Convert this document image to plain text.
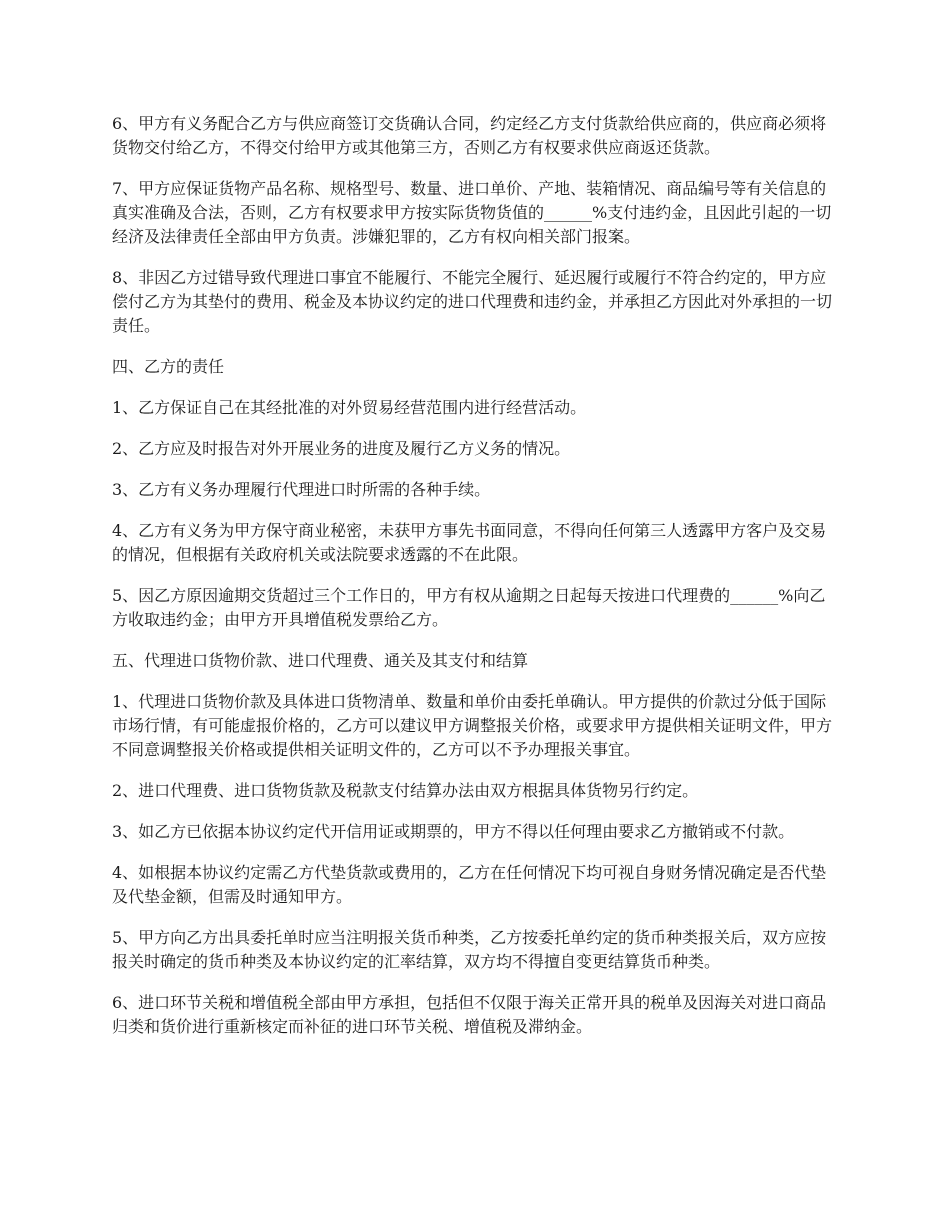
6、甲方有义务配合乙方与供应商签订交货确认合同，约定经乙方支付货款给供应商的，供应商必须将货物交付给乙方，不得交付给甲方或其他第三方，否则乙方有权要求供应商返还货款。

7、甲方应保证货物产品名称、规格型号、数量、进口单价、产地、装箱情况、商品编号等有关信息的真实准确及合法，否则，乙方有权要求甲方按实际货物货值的______%支付违约金，且因此引起的一切经济及法律责任全部由甲方负责。涉嫌犯罪的，乙方有权向相关部门报案。

8、非因乙方过错导致代理进口事宜不能履行、不能完全履行、延迟履行或履行不符合约定的，甲方应偿付乙方为其垫付的费用、税金及本协议约定的进口代理费和违约金，并承担乙方因此对外承担的一切责任。

四、乙方的责任

1、乙方保证自己在其经批准的对外贸易经营范围内进行经营活动。

2、乙方应及时报告对外开展业务的进度及履行乙方义务的情况。

3、乙方有义务办理履行代理进口时所需的各种手续。

4、乙方有义务为甲方保守商业秘密，未获甲方事先书面同意，不得向任何第三人透露甲方客户及交易的情况，但根据有关政府机关或法院要求透露的不在此限。

5、因乙方原因逾期交货超过三个工作日的，甲方有权从逾期之日起每天按进口代理费的______%向乙方收取违约金；由甲方开具增值税发票给乙方。

五、代理进口货物价款、进口代理费、通关及其支付和结算

1、代理进口货物价款及具体进口货物清单、数量和单价由委托单确认。甲方提供的价款过分低于国际市场行情，有可能虚报价格的，乙方可以建议甲方调整报关价格，或要求甲方提供相关证明文件，甲方不同意调整报关价格或提供相关证明文件的，乙方可以不予办理报关事宜。

2、进口代理费、进口货物货款及税款支付结算办法由双方根据具体货物另行约定。

3、如乙方已依据本协议约定代开信用证或期票的，甲方不得以任何理由要求乙方撤销或不付款。

4、如根据本协议约定需乙方代垫货款或费用的，乙方在任何情况下均可视自身财务情况确定是否代垫及代垫金额，但需及时通知甲方。

5、甲方向乙方出具委托单时应当注明报关货币种类，乙方按委托单约定的货币种类报关后，双方应按报关时确定的货币种类及本协议约定的汇率结算，双方均不得擅自变更结算货币种类。

6、进口环节关税和增值税全部由甲方承担，包括但不仅限于海关正常开具的税单及因海关对进口商品归类和货价进行重新核定而补征的进口环节关税、增值税及滞纳金。
